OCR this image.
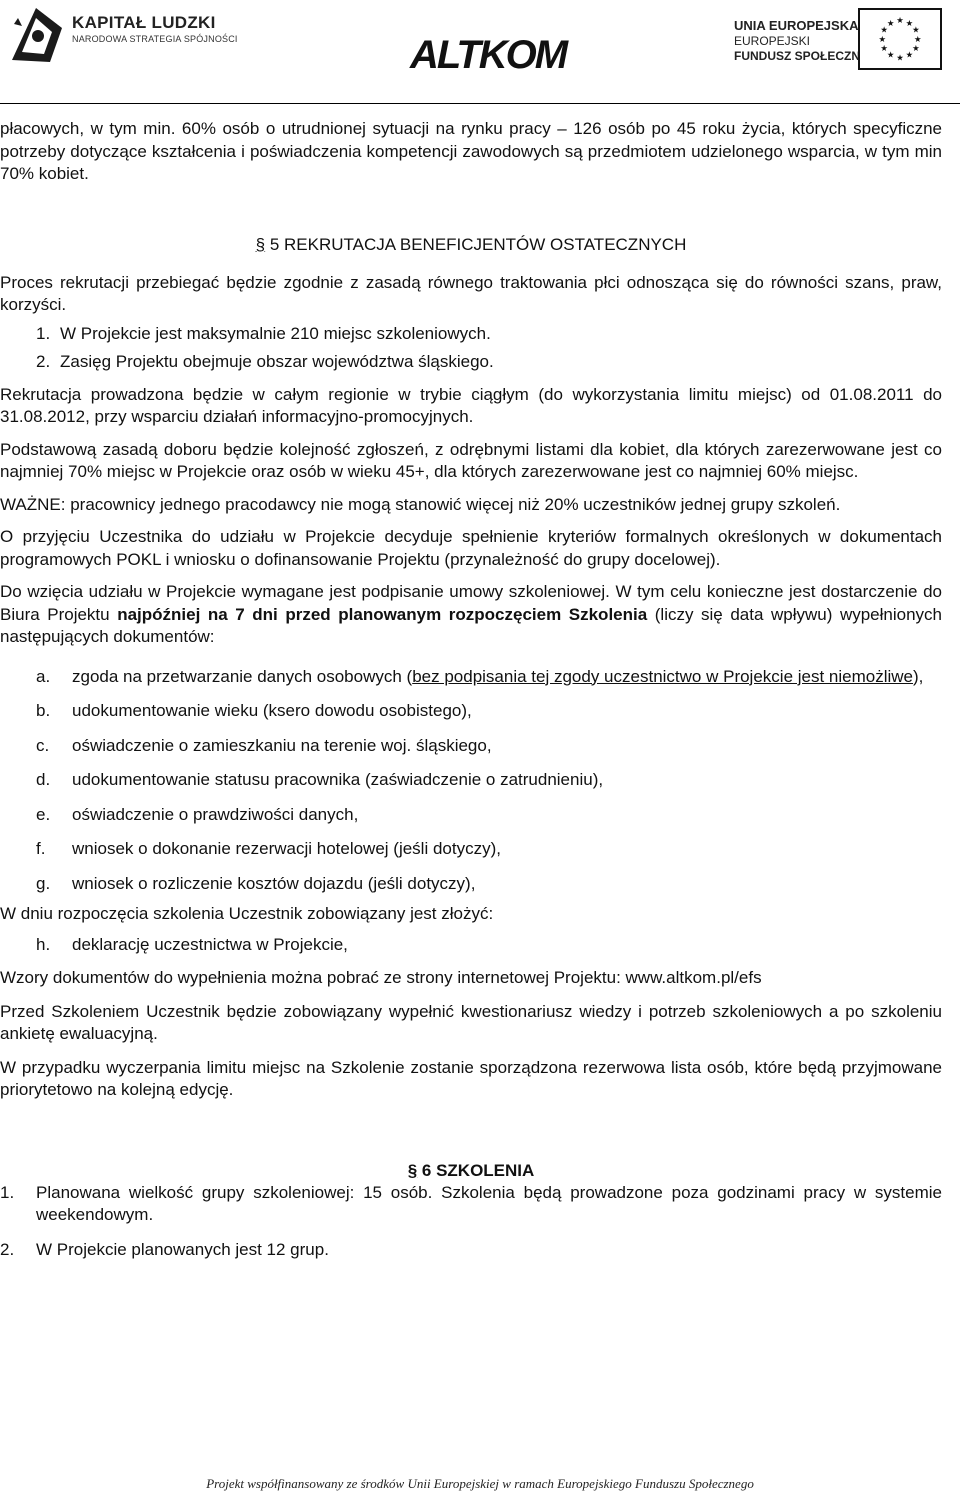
KAPITAŁ LUDZKI
NARODOWA STRATEGIA SPÓJNOŚCI	ALTKOM
UNIA EUROPEJSKA
EUROPEJSKI
FUNDUSZ SPOŁECZNY
★ ★
★
★
★
★
★
★
★
★
★
★

płacowych, w tym min. 60% osób o utrudnionej sytuacji na rynku pracy – 126 osób po 45 roku życia, których specyficzne potrzeby dotyczące kształcenia i poświadczenia kompetencji zawodowych są przedmiotem udzielonego wsparcia, w tym min 70% kobiet.

§ 5 REKRUTACJA BENEFICJENTÓW OSTATECZNYCH

Proces rekrutacji przebiegać będzie zgodnie z zasadą równego traktowania płci odnosząca się do równości szans, praw, korzyści.

1. W Projekcie jest maksymalnie 210 miejsc szkoleniowych.
2. Zasięg Projektu obejmuje obszar województwa śląskiego.

Rekrutacja prowadzona będzie w całym regionie w trybie ciągłym (do wykorzystania limitu miejsc) od 01.08.2011 do 31.08.2012, przy wsparciu działań informacyjno-promocyjnych.

Podstawową zasadą doboru będzie kolejność zgłoszeń, z odrębnymi listami dla kobiet, dla których zarezerwowane jest co najmniej 70% miejsc w Projekcie oraz osób w wieku 45+, dla których zarezerwowane jest co najmniej 60% miejsc.

WAŻNE: pracownicy jednego pracodawcy nie mogą stanowić więcej niż 20% uczestników jednej grupy szkoleń.

O przyjęciu Uczestnika do udziału w Projekcie decyduje spełnienie kryteriów formalnych określonych w dokumentach programowych POKL i wniosku o dofinansowanie Projektu (przynależność do grupy docelowej).

Do wzięcia udziału w Projekcie wymagane jest podpisanie umowy szkoleniowej. W tym celu konieczne jest dostarczenie do Biura Projektu najpóźniej na 7 dni przed planowanym rozpoczęciem Szkolenia (liczy się data wpływu) wypełnionych następujących dokumentów:

a.	zgoda na przetwarzanie danych osobowych (bez podpisania tej zgody uczestnictwo w Projekcie jest niemożliwe),
b.	udokumentowanie wieku (ksero dowodu osobistego),
c.	oświadczenie o zamieszkaniu na terenie woj. śląskiego,
d.	udokumentowanie statusu pracownika (zaświadczenie o zatrudnieniu),
e.	oświadczenie o prawdziwości danych,
f.	wniosek o dokonanie rezerwacji hotelowej (jeśli dotyczy),
g.	wniosek o rozliczenie kosztów dojazdu (jeśli dotyczy),

W dniu rozpoczęcia szkolenia Uczestnik zobowiązany jest złożyć:

h.	deklarację uczestnictwa w Projekcie,

Wzory dokumentów do wypełnienia można pobrać ze strony internetowej Projektu: www.altkom.pl/efs

Przed Szkoleniem Uczestnik będzie zobowiązany wypełnić kwestionariusz wiedzy i potrzeb szkoleniowych a po szkoleniu ankietę ewaluacyjną.

W przypadku wyczerpania limitu miejsc na Szkolenie zostanie sporządzona rezerwowa lista osób, które będą przyjmowane priorytetowo na kolejną edycję.

§ 6 SZKOLENIA

1.	Planowana wielkość grupy szkoleniowej: 15 osób. Szkolenia będą prowadzone poza godzinami pracy w systemie weekendowym.
2.	W Projekcie planowanych jest 12 grup.
Projekt współfinansowany ze środków Unii Europejskiej w ramach Europejskiego Funduszu Społecznego
